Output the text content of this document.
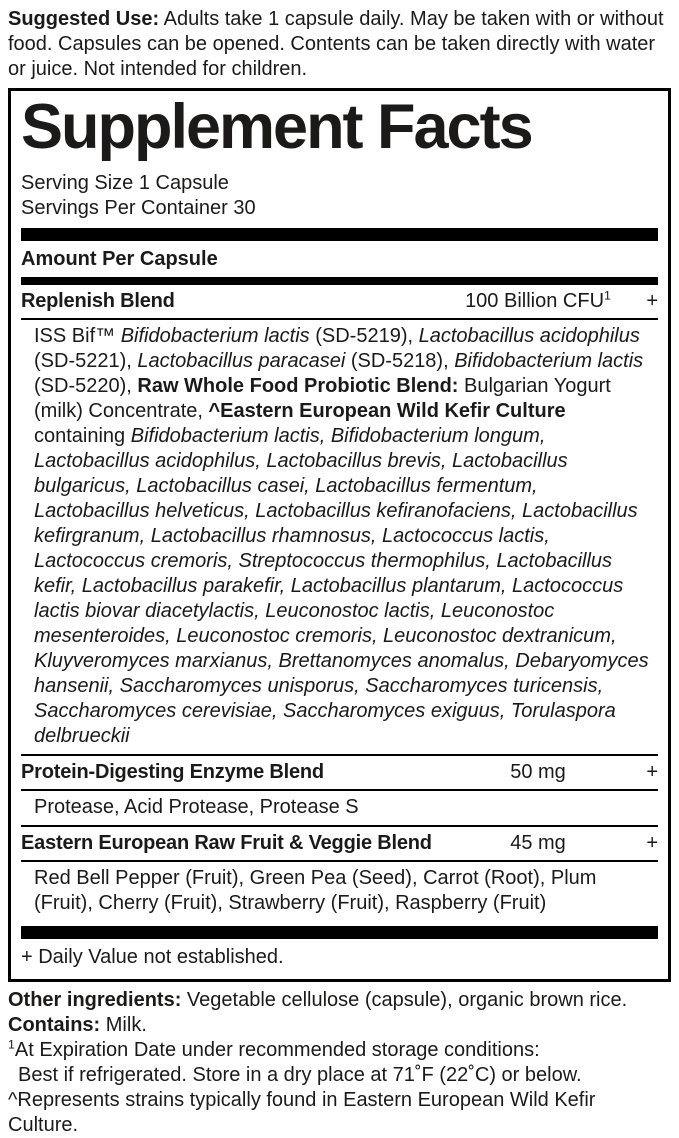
Suggested Use: Adults take 1 capsule daily. May be taken with or without food. Capsules can be opened. Contents can be taken directly with water or juice. Not intended for children.
Supplement Facts
Serving Size 1 Capsule
Servings Per Container 30
Amount Per Capsule
Replenish Blend	100 Billion $CFU^1$	+
ISS Bif™ Bifidobacterium lactis (SD-5219), Lactobacillus acidophilus (SD-5221), Lactobacillus paracasei (SD-5218), Bifidobacterium lactis (SD-5220), Raw Whole Food Probiotic Blend: Bulgarian Yogurt (milk) Concentrate, ^Eastern European Wild Kefir Culture containing Bifidobacterium lactis, Bifidobacterium longum, Lactobacillus acidophilus, Lactobacillus brevis, Lactobacillus bulgaricus, Lactobacillus casei, Lactobacillus fermentum, Lactobacillus helveticus, Lactobacillus kefiranofaciens, Lactobacillus kefirgranum, Lactobacillus rhamnosus, Lactococcus lactis, Lactococcus cremoris, Streptococcus thermophilus, Lactobacillus kefir, Lactobacillus parakefir, Lactobacillus plantarum, Lactococcus lactis biovar diacetylactis, Leuconostoc lactis, Leuconostoc mesenteroides, Leuconostoc cremoris, Leuconostoc dextranicum, Kluyveromyces marxianus, Brettanomyces anomalus, Debaryomyces hansenii, Saccharomyces unisporus, Saccharomyces turicensis, Saccharomyces cerevisiae, Saccharomyces exiguus, Torulaspora delbrueckii
Protein-Digesting Enzyme Blend	50 mg	+
Protease, Acid Protease, Protease S
Eastern European Raw Fruit & Veggie Blend	45 mg	+
Red Bell Pepper (Fruit), Green Pea (Seed), Carrot (Root), Plum (Fruit), Cherry (Fruit), Strawberry (Fruit), Raspberry (Fruit)
+ Daily Value not established.

Other ingredients: Vegetable cellulose (capsule), organic brown rice.

Contains: Milk.

$^1$At Expiration Date under recommended storage conditions:

Best if refrigerated. Store in a dry place at 71˚F (22˚C) or below.

^Represents strains typically found in Eastern European Wild Kefir Culture.
